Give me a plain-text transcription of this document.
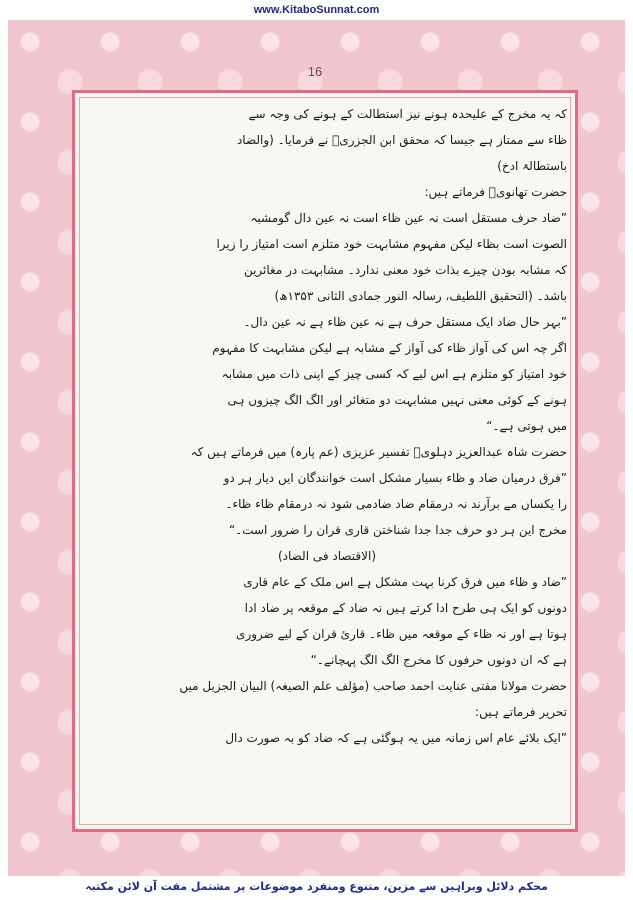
www.KitaboSunnat.com
16
کہ یہ مخرج کے علیحدہ ہونے نیز استطالت کے ہونے کی وجہ سے
ظاء سے ممتاز ہے جیسا کہ محقق ابن الجزریؒ نے فرمایا۔ (والضاد
باستطالۃ ادخ)
حضرت تھانویؒ فرماتے ہیں:
”ضاد حرف مستقل است نہ عین ظاء است نہ عین دال گومشبہ
الصوت است بظاء لیکن مفہوم مشابہت خود متلزم است امتیاز را زیرا
کہ مشابہ بودن چیزے بذات خود معنی ندارد۔ مشابہت در مغائرین
باشد۔ (التحقیق اللطیف، رسالہ النور جمادی الثانی ۱۳۵۳ھ)
”بہر حال ضاد ایک مستقل حرف ہے نہ عین ظاء ہے نہ عین دال۔
اگر چہ اس کی آواز ظاء کی آواز کے مشابہ ہے لیکن مشابہت کا مفہوم
خود امتیاز کو متلزم ہے اس لیے کہ کسی چیز کے اپنی ذات میں مشابہ
ہونے کے کوئی معنی نہیں مشابہت دو متغائر اور الگ الگ چیزوں ہی
میں ہوتی ہے۔“
حضرت شاہ عبدالعزیز دہلویؒ تفسیر عزیزی (عم پارہ) میں فرماتے ہیں کہ
”فرق درمیان ضاد و ظاء بسیار مشکل است خوانندگان ایں دیار ہر دو
را یکساں مے برآرند نہ درمقام ضاد ضادمی شود نہ درمقام ظاء ظاء۔
مخرج این ہر دو حرف جدا جدا شناختن قاری قران را ضرور است۔“
(الاقتصاد فی الضاد)
”ضاد و ظاء میں فرق کرنا بہت مشکل ہے اس ملک کے عام قاری
دونوں کو ایک ہی طرح ادا کرتے ہیں نہ ضاد کے موقعہ پر ضاد ادا
ہوتا ہے اور نہ ظاء کے موقعہ میں ظاء۔ قاریٔ قران کے لیے ضروری
ہے کہ ان دونوں حرفوں کا مخرج الگ الگ پہچانے۔“
حضرت مولانا مفتی عنایت احمد صاحب (مؤلف علم الصیغہ) البیان الجزیل میں
تحریر فرماتے ہیں:
”ایک بلائے عام اس زمانہ میں یہ ہوگئی ہے کہ ضاد کو بہ صورت دال
محکم دلائل وبراہین سے مزین، متنوع ومنفرد موضوعات پر مشتمل مفت آن لائن مکتبہ
